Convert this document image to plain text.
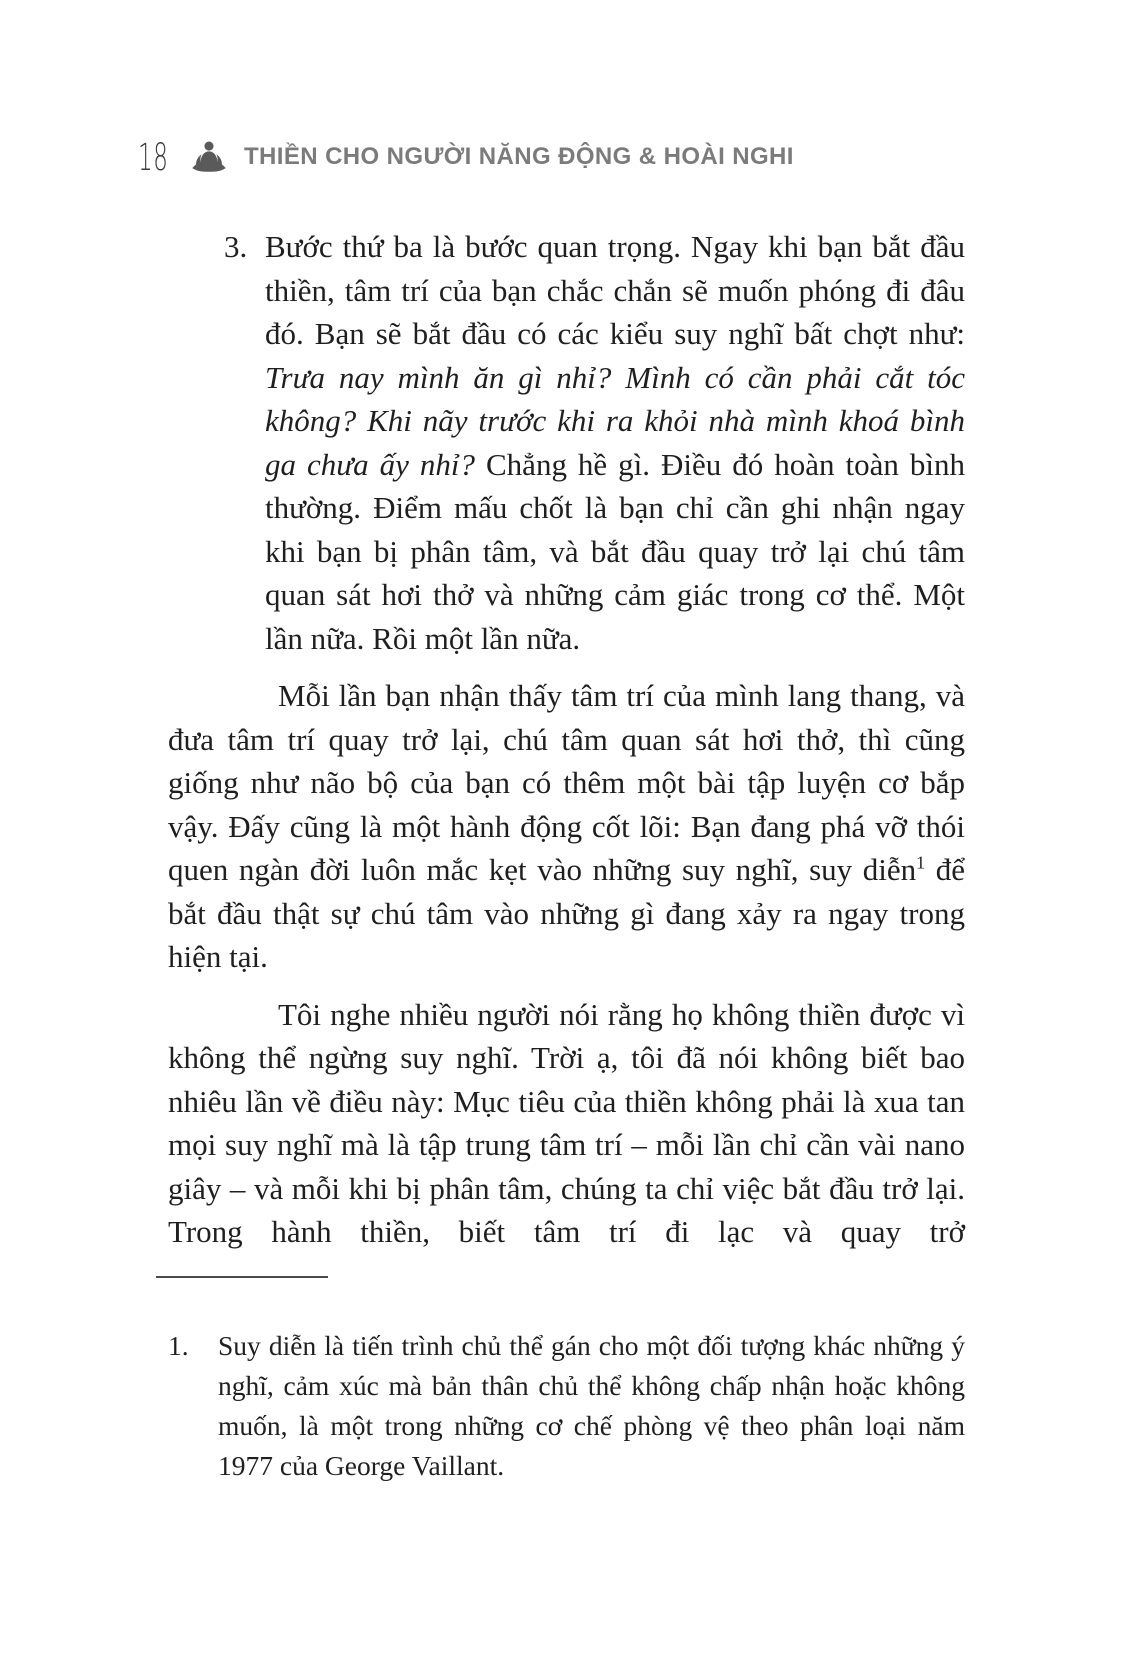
18	THIỀN CHO NGƯỜI NĂNG ĐỘNG & HOÀI NGHI
3. Bước thứ ba là bước quan trọng. Ngay khi bạn bắt đầu thiền, tâm trí của bạn chắc chắn sẽ muốn phóng đi đâu đó. Bạn sẽ bắt đầu có các kiểu suy nghĩ bất chợt như: Trưa nay mình ăn gì nhỉ? Mình có cần phải cắt tóc không? Khi nãy trước khi ra khỏi nhà mình khoá bình ga chưa ấy nhỉ? Chẳng hề gì. Điều đó hoàn toàn bình thường. Điểm mấu chốt là bạn chỉ cần ghi nhận ngay khi bạn bị phân tâm, và bắt đầu quay trở lại chú tâm quan sát hơi thở và những cảm giác trong cơ thể. Một lần nữa. Rồi một lần nữa.

Mỗi lần bạn nhận thấy tâm trí của mình lang thang, và đưa tâm trí quay trở lại, chú tâm quan sát hơi thở, thì cũng giống như não bộ của bạn có thêm một bài tập luyện cơ bắp vậy. Đấy cũng là một hành động cốt lõi: Bạn đang phá vỡ thói quen ngàn đời luôn mắc kẹt vào những suy nghĩ, suy diễn$^1$ để bắt đầu thật sự chú tâm vào những gì đang xảy ra ngay trong hiện tại.

Tôi nghe nhiều người nói rằng họ không thiền được vì không thể ngừng suy nghĩ. Trời ạ, tôi đã nói không biết bao nhiêu lần về điều này: Mục tiêu của thiền không phải là xua tan mọi suy nghĩ mà là tập trung tâm trí – mỗi lần chỉ cần vài nano giây – và mỗi khi bị phân tâm, chúng ta chỉ việc bắt đầu trở lại. Trong hành thiền, biết tâm trí đi lạc và quay trở

1. Suy diễn là tiến trình chủ thể gán cho một đối tượng khác những ý nghĩ, cảm xúc mà bản thân chủ thể không chấp nhận hoặc không muốn, là một trong những cơ chế phòng vệ theo phân loại năm 1977 của George Vaillant.
